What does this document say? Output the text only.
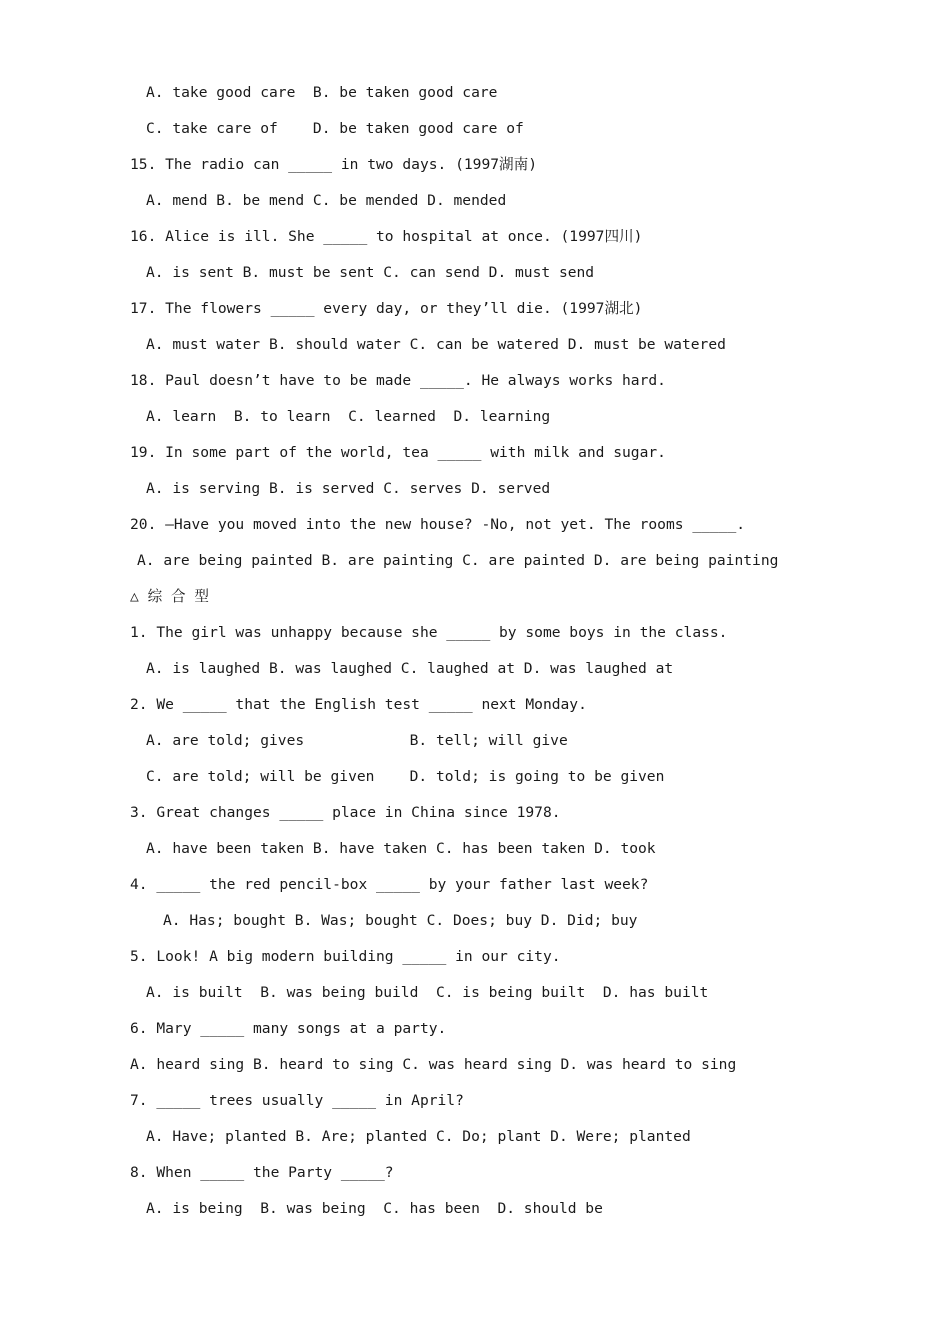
A. take good care  B. be taken good care
C. take care of    D. be taken good care of
15. The radio can _____ in two days. (1997湖南)
A. mend B. be mend C. be mended D. mended
16. Alice is ill. She _____ to hospital at once. (1997四川)
A. is sent B. must be sent C. can send D. must send
17. The flowers _____ every day, or they’ll die. (1997湖北)
A. must water B. should water C. can be watered D. must be watered
18. Paul doesn’t have to be made _____. He always works hard.
A. learn  B. to learn  C. learned  D. learning
19. In some part of the world, tea _____ with milk and sugar.
A. is serving B. is served C. serves D. served
20. –Have you moved into the new house? -No, not yet. The rooms _____.
A. are being painted B. are painting C. are painted D. are being painting
△ 综 合 型
1. The girl was unhappy because she _____ by some boys in the class.
A. is laughed B. was laughed C. laughed at D. was laughed at
2. We _____ that the English test _____ next Monday.
A. are told; gives            B. tell; will give
C. are told; will be given    D. told; is going to be given
3. Great changes _____ place in China since 1978.
A. have been taken B. have taken C. has been taken D. took
4. _____ the red pencil-box _____ by your father last week?
A. Has; bought B. Was; bought C. Does; buy D. Did; buy
5. Look! A big modern building _____ in our city.
A. is built  B. was being build  C. is being built  D. has built
6. Mary _____ many songs at a party.
A. heard sing B. heard to sing C. was heard sing D. was heard to sing
7. _____ trees usually _____ in April?
A. Have; planted B. Are; planted C. Do; plant D. Were; planted
8. When _____ the Party _____?
A. is being  B. was being  C. has been  D. should be
